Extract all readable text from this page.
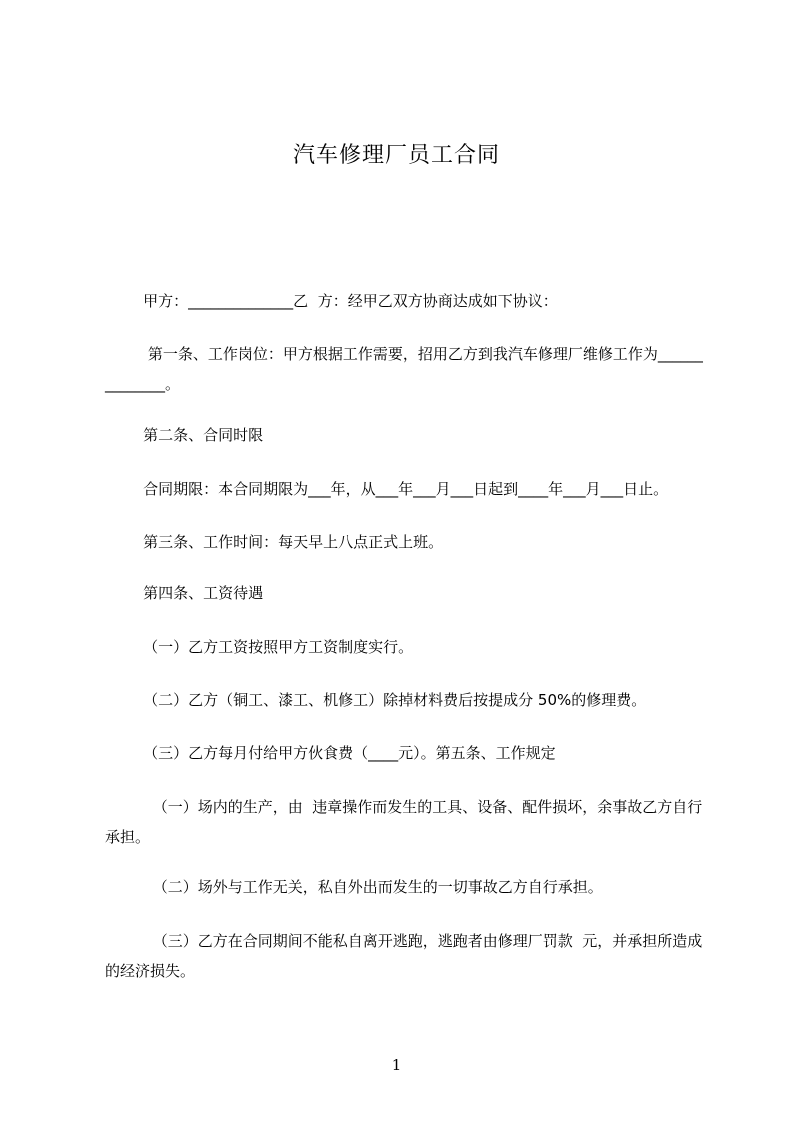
汽车修理厂员工合同
甲方：______________乙  方：经甲乙双方协商达成如下协议：
第一条、工作岗位：甲方根据工作需要，招用乙方到我汽车修理厂维修工作为______________。
第二条、合同时限
合同期限：本合同期限为___年，从___年___月___日起到____年___月___日止。
第三条、工作时间：每天早上八点正式上班。
第四条、工资待遇
（一）乙方工资按照甲方工资制度实行。
（二）乙方（铜工、漆工、机修工）除掉材料费后按提成分 50%的修理费。
（三）乙方每月付给甲方伙食费（____元）。第五条、工作规定
（一）场内的生产，由  违章操作而发生的工具、设备、配件损坏，余事故乙方自行承担。
（二）场外与工作无关，私自外出而发生的一切事故乙方自行承担。
（三）乙方在合同期间不能私自离开逃跑，逃跑者由修理厂罚款  元，并承担所造成的经济损失。
1
